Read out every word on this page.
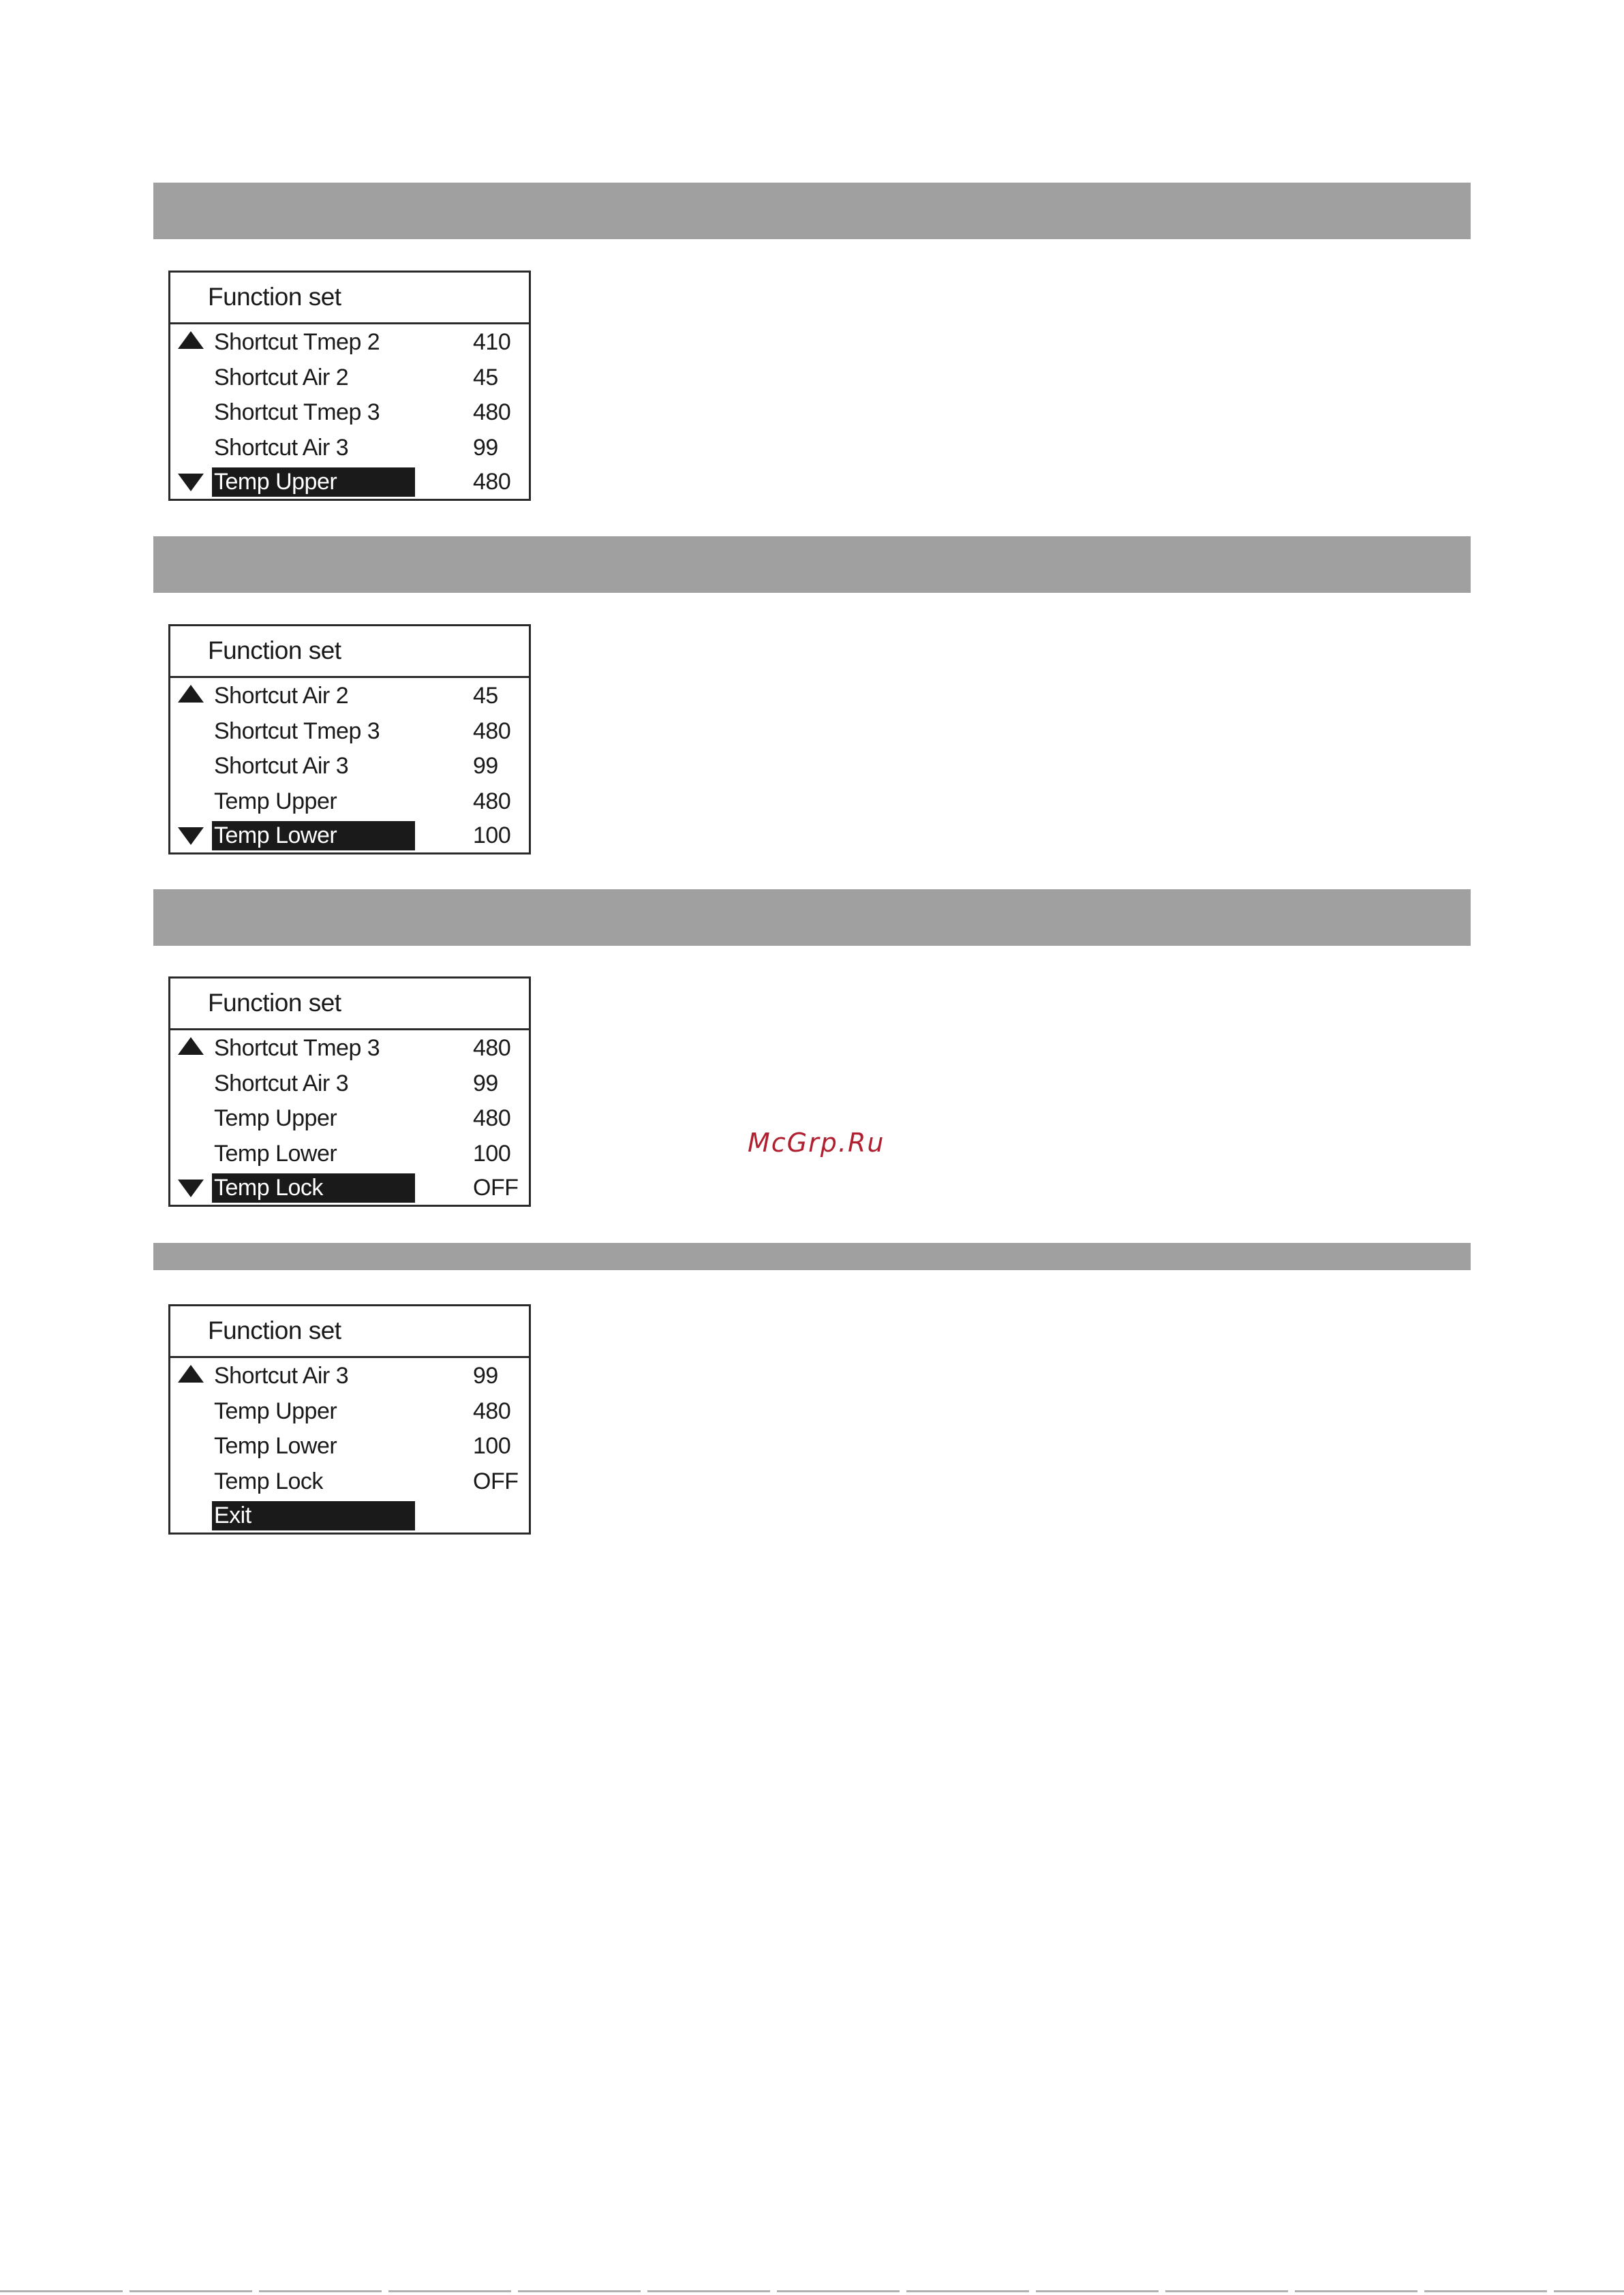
Function set
Shortcut Tmep 2	410
Shortcut Air 2	45
Shortcut Tmep 3	480
Shortcut Air 3	99
Temp Upper	480
Function set
Shortcut Air 2	45
Shortcut Tmep 3	480
Shortcut Air 3	99
Temp Upper	480
Temp Lower	100
Function set
Shortcut Tmep 3	480
Shortcut Air 3	99
Temp Upper	480
Temp Lower	100
Temp Lock	OFF
Function set
Shortcut Air 3	99
Temp Upper	480
Temp Lower	100
Temp Lock	OFF
Exit
McGrp.Ru
